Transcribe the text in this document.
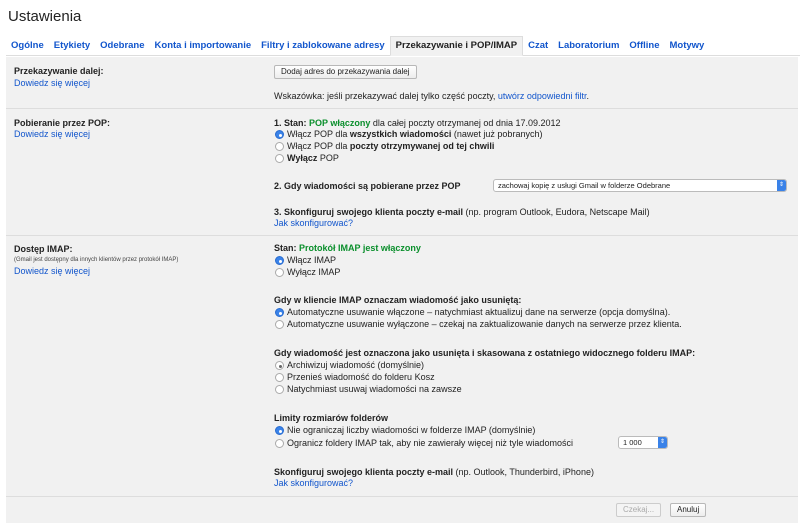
Ustawienia
Ogólne	Etykiety	Odebrane	Konta i importowanie	Filtry i zablokowane adresy	Przekazywanie i POP/IMAP	Czat	Laboratorium	Offline	Motywy
Przekazywanie dalej:
Dowiedz się więcej
Dodaj adres do przekazywania dalej
Wskazówka: jeśli przekazywać dalej tylko część poczty, utwórz odpowiedni filtr.
Pobieranie przez POP:
Dowiedz się więcej
1. Stan: POP włączony dla całej poczty otrzymanej od dnia 17.09.2012
Włącz POP dla wszystkich wiadomości (nawet już pobranych)
Włącz POP dla poczty otrzymywanej od tej chwili
Wyłącz POP
2. Gdy wiadomości są pobierane przez POP	zachowaj kopię z usługi Gmail w folderze Odebrane	⇕
3. Skonfiguruj swojego klienta poczty e-mail (np. program Outlook, Eudora, Netscape Mail)
Jak skonfigurować?
Dostęp IMAP:
(Gmail jest dostępny dla innych klientów przez protokół IMAP)
Dowiedz się więcej
Stan: Protokół IMAP jest włączony
Włącz IMAP
Wyłącz IMAP
Gdy w kliencie IMAP oznaczam wiadomość jako usuniętą:
Automatyczne usuwanie włączone – natychmiast aktualizuj dane na serwerze (opcja domyślna).
Automatyczne usuwanie wyłączone – czekaj na zaktualizowanie danych na serwerze przez klienta.
Gdy wiadomość jest oznaczona jako usunięta i skasowana z ostatniego widocznego folderu IMAP:
Archiwizuj wiadomość (domyślnie)
Przenieś wiadomość do folderu Kosz
Natychmiast usuwaj wiadomości na zawsze
Limity rozmiarów folderów
Nie ograniczaj liczby wiadomości w folderze IMAP (domyślnie)
Ogranicz foldery IMAP tak, aby nie zawierały więcej niż tyle wiadomości	1 000	⇕
Skonfiguruj swojego klienta poczty e-mail (np. Outlook, Thunderbird, iPhone)
Jak skonfigurować?
Czekaj...	Anuluj
